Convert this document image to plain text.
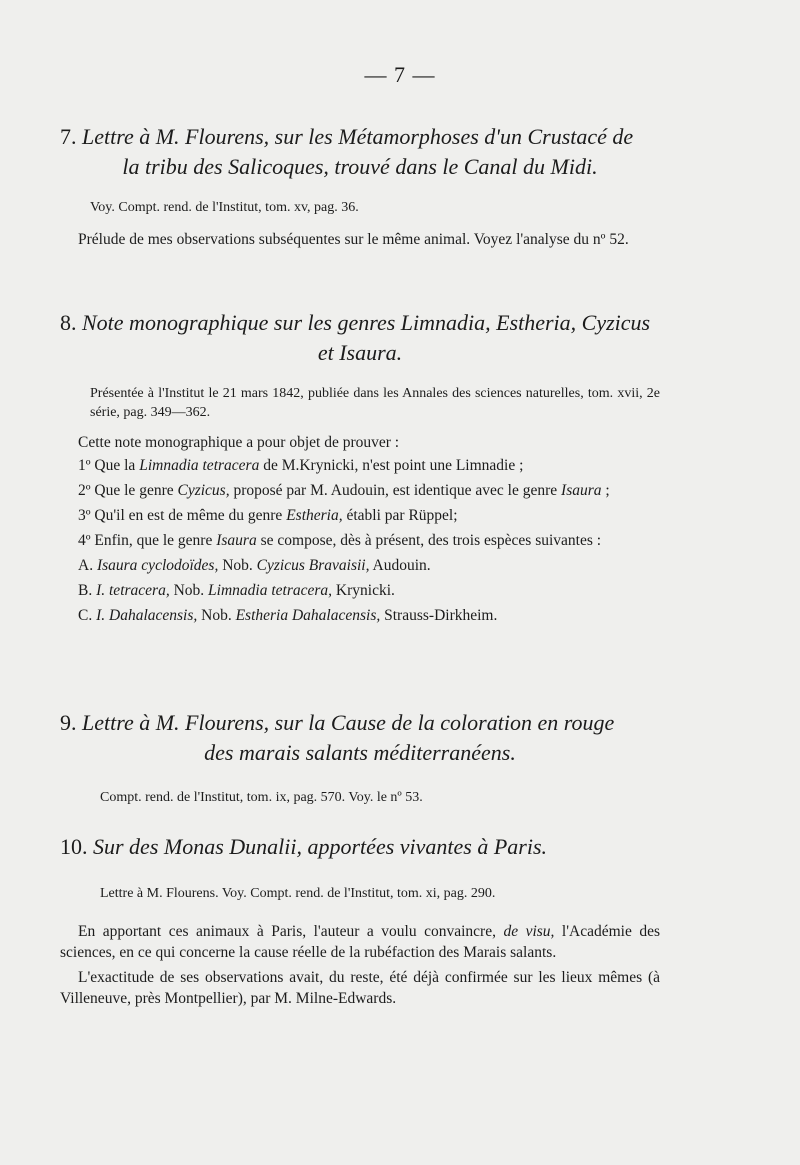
— 7 —

7. Lettre à M. Flourens, sur les Métamorphoses d'un Crustacé de
la tribu des Salicoques, trouvé dans le Canal du Midi.

Voy. Compt. rend. de l'Institut, tom. xv, pag. 36.

Prélude de mes observations subséquentes sur le même animal. Voyez l'analyse du nº 52.

8. Note monographique sur les genres Limnadia, Estheria, Cyzicus
et Isaura.

Présentée à l'Institut le 21 mars 1842, publiée dans les Annales des sciences naturelles, tom. xvii, 2e série, pag. 349—362.

Cette note monographique a pour objet de prouver :

1º Que la Limnadia tetracera de M.Krynicki, n'est point une Limnadie ;

2º Que le genre Cyzicus, proposé par M. Audouin, est identique avec le genre Isaura ;

3º Qu'il en est de même du genre Estheria, établi par Rüppel;

4º Enfin, que le genre Isaura se compose, dès à présent, des trois espèces suivantes :

A. Isaura cyclodoïdes, Nob. Cyzicus Bravaisii, Audouin.

B. I. tetracera, Nob. Limnadia tetracera, Krynicki.

C. I. Dahalacensis, Nob. Estheria Dahalacensis, Strauss-Dirkheim.

9. Lettre à M. Flourens, sur la Cause de la coloration en rouge
des marais salants méditerranéens.

Compt. rend. de l'Institut, tom. ix, pag. 570. Voy. le nº 53.

10. Sur des Monas Dunalii, apportées vivantes à Paris.

Lettre à M. Flourens. Voy. Compt. rend. de l'Institut, tom. xi, pag. 290.

En apportant ces animaux à Paris, l'auteur a voulu convaincre, de visu, l'Académie des sciences, en ce qui concerne la cause réelle de la rubéfaction des Marais salants.

L'exactitude de ses observations avait, du reste, été déjà confirmée sur les lieux mêmes (à Villeneuve, près Montpellier), par M. Milne-Edwards.
